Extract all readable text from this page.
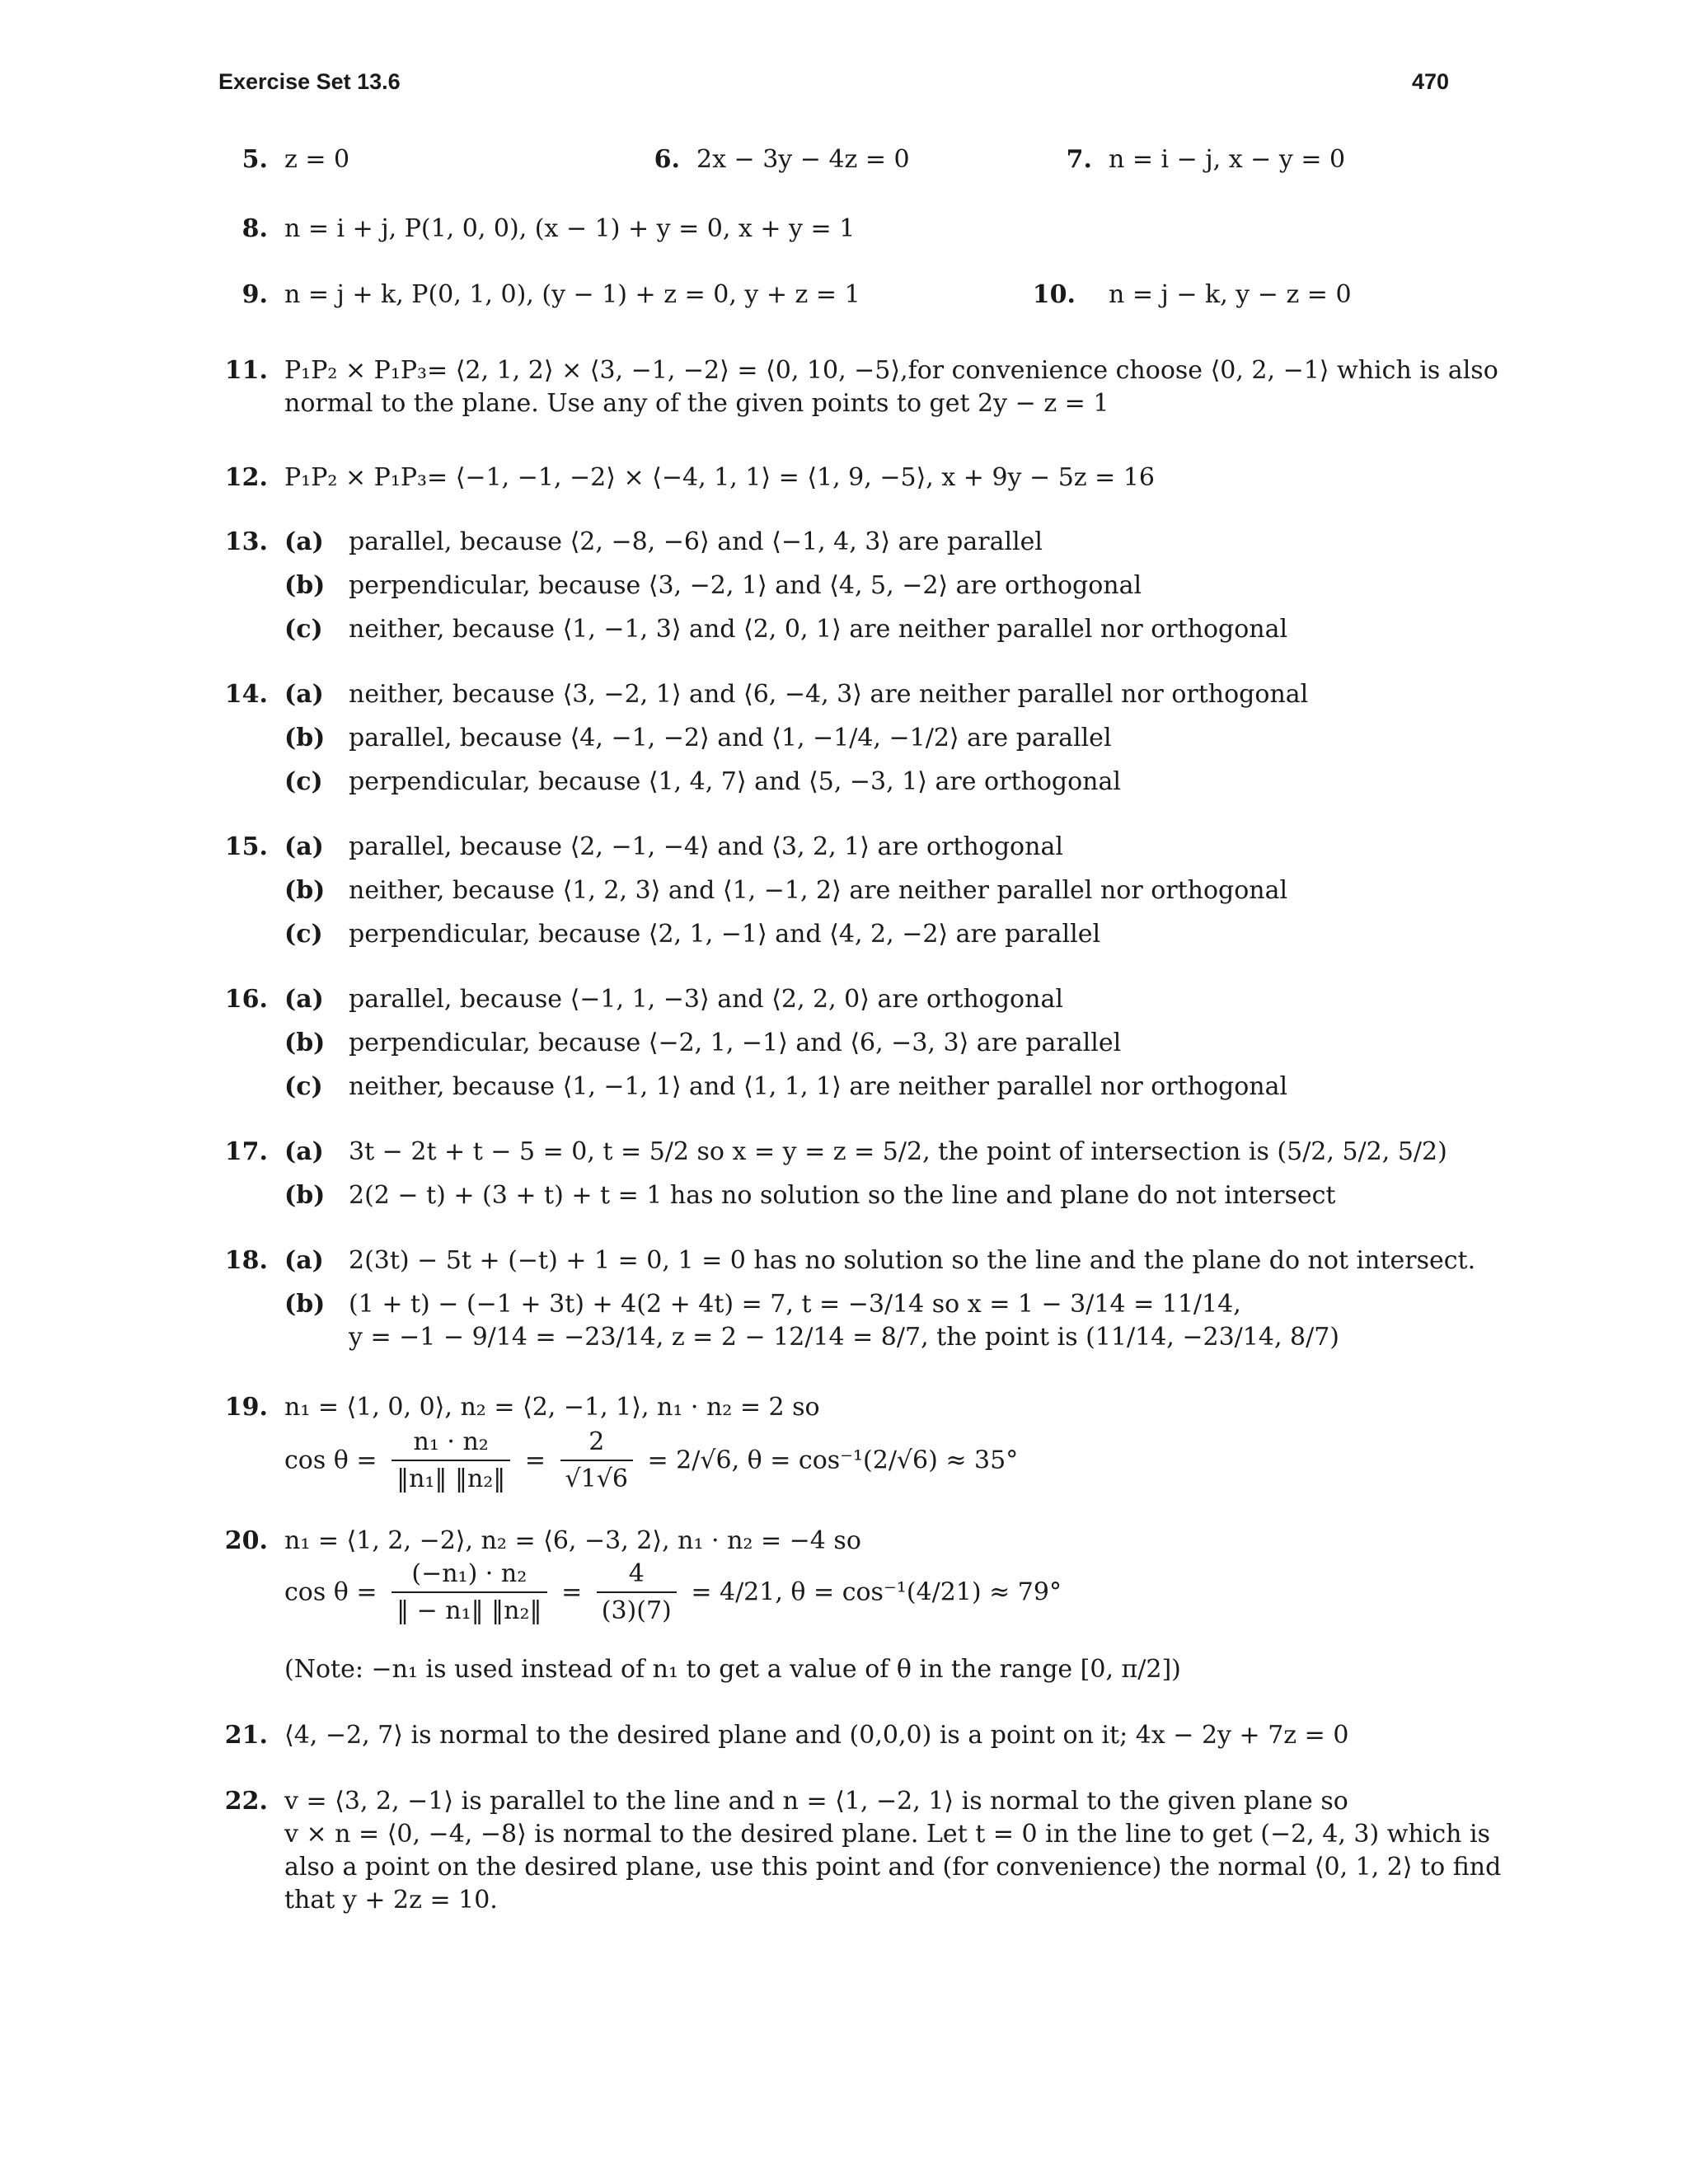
Exercise Set 13.6	470
5. z = 0	6. 2x − 3y − 4z = 0	7. n = i − j, x − y = 0
8. n = i + j, P(1, 0, 0), (x − 1) + y = 0, x + y = 1
9. n = j + k, P(0, 1, 0), (y − 1) + z = 0, y + z = 1	10. n = j − k, y − z = 0
11. P₁P₂ × P₁P₃= ⟨2, 1, 2⟩ × ⟨3, −1, −2⟩ = ⟨0, 10, −5⟩,for convenience choose ⟨0, 2, −1⟩ which is also
normal to the plane. Use any of the given points to get 2y − z = 1
12. P₁P₂ × P₁P₃= ⟨−1, −1, −2⟩ × ⟨−4, 1, 1⟩ = ⟨1, 9, −5⟩, x + 9y − 5z = 16
13. (a) parallel, because ⟨2, −8, −6⟩ and ⟨−1, 4, 3⟩ are parallel
(b) perpendicular, because ⟨3, −2, 1⟩ and ⟨4, 5, −2⟩ are orthogonal
(c) neither, because ⟨1, −1, 3⟩ and ⟨2, 0, 1⟩ are neither parallel nor orthogonal
14. (a) neither, because ⟨3, −2, 1⟩ and ⟨6, −4, 3⟩ are neither parallel nor orthogonal
(b) parallel, because ⟨4, −1, −2⟩ and ⟨1, −1/4, −1/2⟩ are parallel
(c) perpendicular, because ⟨1, 4, 7⟩ and ⟨5, −3, 1⟩ are orthogonal
15. (a) parallel, because ⟨2, −1, −4⟩ and ⟨3, 2, 1⟩ are orthogonal
(b) neither, because ⟨1, 2, 3⟩ and ⟨1, −1, 2⟩ are neither parallel nor orthogonal
(c) perpendicular, because ⟨2, 1, −1⟩ and ⟨4, 2, −2⟩ are parallel
16. (a) parallel, because ⟨−1, 1, −3⟩ and ⟨2, 2, 0⟩ are orthogonal
(b) perpendicular, because ⟨−2, 1, −1⟩ and ⟨6, −3, 3⟩ are parallel
(c) neither, because ⟨1, −1, 1⟩ and ⟨1, 1, 1⟩ are neither parallel nor orthogonal
17. (a) 3t − 2t + t − 5 = 0, t = 5/2 so x = y = z = 5/2, the point of intersection is (5/2, 5/2, 5/2)
(b) 2(2 − t) + (3 + t) + t = 1 has no solution so the line and plane do not intersect
18. (a) 2(3t) − 5t + (−t) + 1 = 0, 1 = 0 has no solution so the line and the plane do not intersect.
(b) (1 + t) − (−1 + 3t) + 4(2 + 4t) = 7, t = −3/14 so x = 1 − 3/14 = 11/14,
y = −1 − 9/14 = −23/14, z = 2 − 12/14 = 8/7, the point is (11/14, −23/14, 8/7)
19. n₁ = ⟨1, 0, 0⟩, n₂ = ⟨2, −1, 1⟩, n₁ · n₂ = 2 so
$\cos \theta = \frac{\text{n₁ · n₂}}{\text{‖n₁‖ ‖n₂‖}} = \frac{2}{√1√6} = 2/√6$, θ = cos⁻¹(2/√6) ≈ 35°
20. n₁ = ⟨1, 2, −2⟩, n₂ = ⟨6, −3, 2⟩, n₁ · n₂ = −4 so
$\cos \theta = \frac{\text{(−n₁) · n₂}}{\text{‖ − n₁‖ ‖n₂‖}} = \frac{4}{(3)(7)} = 4/21$, θ = cos⁻¹(4/21) ≈ 79°
(Note: −n₁ is used instead of n₁ to get a value of θ in the range [0, π/2])
21. ⟨4, −2, 7⟩ is normal to the desired plane and (0,0,0) is a point on it; 4x − 2y + 7z = 0
22. v = ⟨3, 2, −1⟩ is parallel to the line and n = ⟨1, −2, 1⟩ is normal to the given plane so
v × n = ⟨0, −4, −8⟩ is normal to the desired plane. Let t = 0 in the line to get (−2, 4, 3) which is
also a point on the desired plane, use this point and (for convenience) the normal ⟨0, 1, 2⟩ to find
that y + 2z = 10.
